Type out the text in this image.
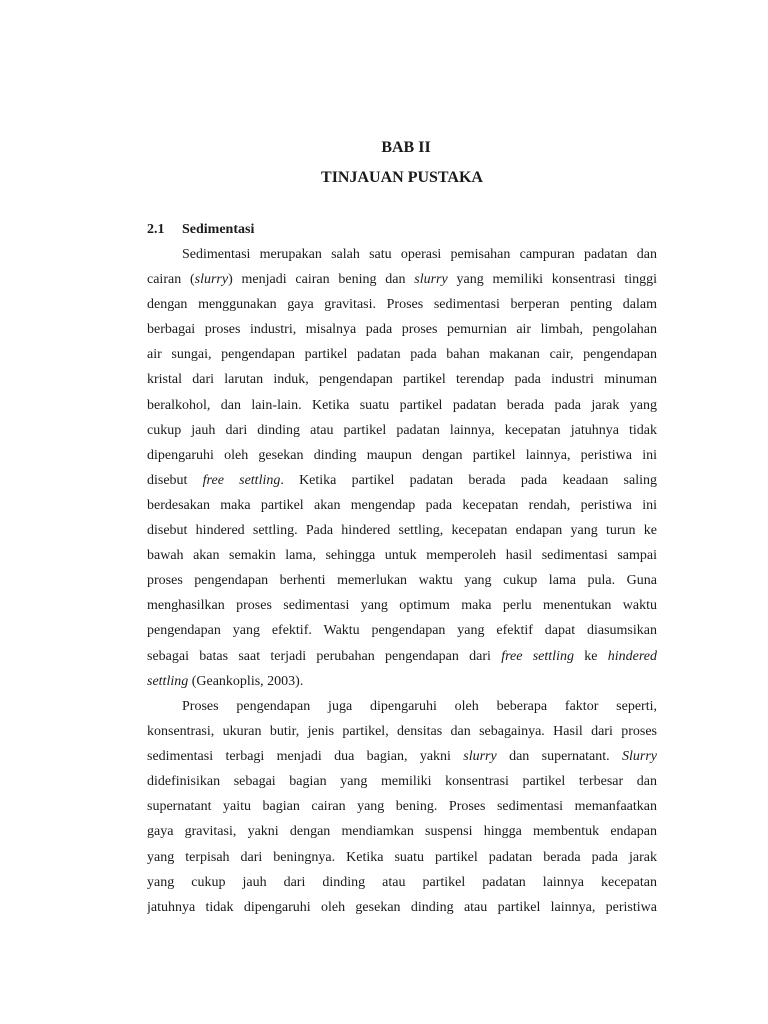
BAB II
TINJAUAN PUSTAKA
2.1 Sedimentasi
Sedimentasi merupakan salah satu operasi pemisahan campuran padatan dan
cairan (slurry) menjadi cairan bening dan slurry yang memiliki konsentrasi tinggi
dengan menggunakan gaya gravitasi. Proses sedimentasi berperan penting dalam
berbagai proses industri, misalnya pada proses pemurnian air limbah, pengolahan
air sungai, pengendapan partikel padatan pada bahan makanan cair, pengendapan
kristal dari larutan induk, pengendapan partikel terendap pada industri minuman
beralkohol, dan lain-lain. Ketika suatu partikel padatan berada pada jarak yang
cukup jauh dari dinding atau partikel padatan lainnya, kecepatan jatuhnya tidak
dipengaruhi oleh gesekan dinding maupun dengan partikel lainnya, peristiwa ini
disebut free settling. Ketika partikel padatan berada pada keadaan saling
berdesakan maka partikel akan mengendap pada kecepatan rendah, peristiwa ini
disebut hindered settling. Pada hindered settling, kecepatan endapan yang turun ke
bawah akan semakin lama, sehingga untuk memperoleh hasil sedimentasi sampai
proses pengendapan berhenti memerlukan waktu yang cukup lama pula. Guna
menghasilkan proses sedimentasi yang optimum maka perlu menentukan waktu
pengendapan yang efektif. Waktu pengendapan yang efektif dapat diasumsikan
sebagai batas saat terjadi perubahan pengendapan dari free settling ke hindered
settling (Geankoplis, 2003).
Proses pengendapan juga dipengaruhi oleh beberapa faktor seperti,
konsentrasi, ukuran butir, jenis partikel, densitas dan sebagainya. Hasil dari proses
sedimentasi terbagi menjadi dua bagian, yakni slurry dan supernatant. Slurry
didefinisikan sebagai bagian yang memiliki konsentrasi partikel terbesar dan
supernatant yaitu bagian cairan yang bening. Proses sedimentasi memanfaatkan
gaya gravitasi, yakni dengan mendiamkan suspensi hingga membentuk endapan
yang terpisah dari beningnya. Ketika suatu partikel padatan berada pada jarak
yang cukup jauh dari dinding atau partikel padatan lainnya kecepatan
jatuhnya tidak dipengaruhi oleh gesekan dinding atau partikel lainnya, peristiwa
